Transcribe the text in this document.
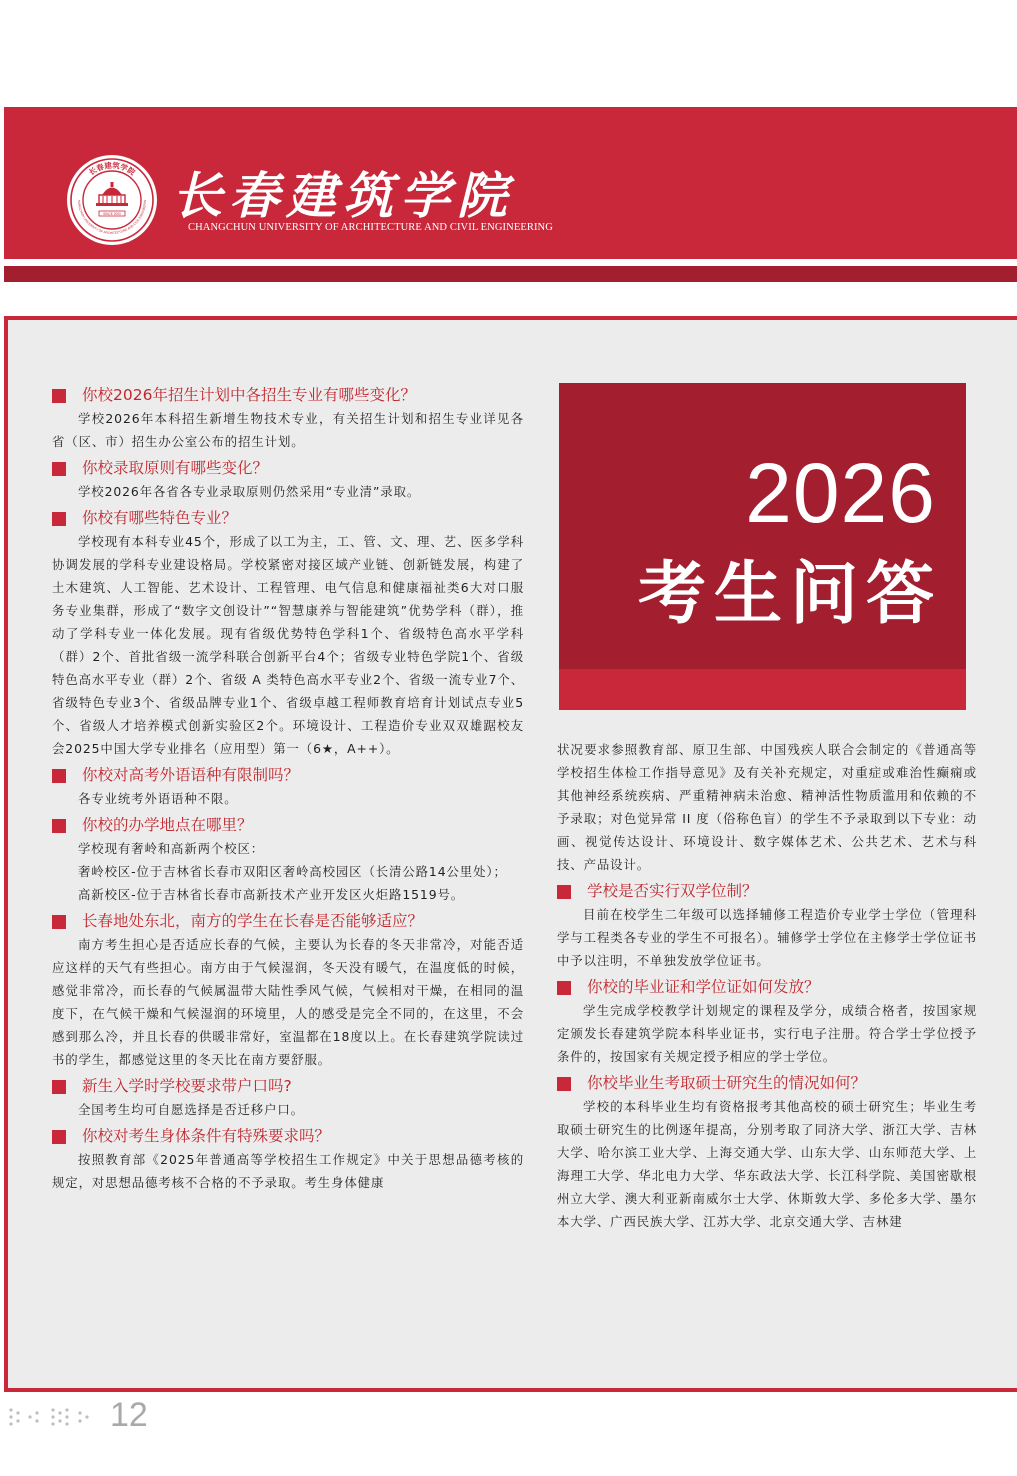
长春建筑学院
HANGCHUN UNIVERSITY OF ARCHITECTURE AND CIVIL ENGINEERIN
SINCE 2000 长春建筑学院
CHANGCHUN UNIVERSITY OF ARCHITECTURE AND CIVIL ENGINEERING
2026
考生问答
你校2026年招生计划中各招生专业有哪些变化？
学校2026年本科招生新增生物技术专业，有关招生计划和招生专业详见各省（区、市）招生办公室公布的招生计划。
你校录取原则有哪些变化？
学校2026年各省各专业录取原则仍然采用“专业清”录取。
你校有哪些特色专业？
学校现有本科专业45个，形成了以工为主，工、管、文、理、艺、医多学科协调发展的学科专业建设格局。学校紧密对接区域产业链、创新链发展，构建了土木建筑、人工智能、艺术设计、工程管理、电气信息和健康福祉类6大对口服务专业集群，形成了“数字文创设计”“智慧康养与智能建筑”优势学科（群），推动了学科专业一体化发展。现有省级优势特色学科1个、省级特色高水平学科（群）2个、首批省级一流学科联合创新平台4个；省级专业特色学院1个、省级特色高水平专业（群）2个、省级 A 类特色高水平专业2个、省级一流专业7个、省级特色专业3个、省级品牌专业1个、省级卓越工程师教育培育计划试点专业5个、省级人才培养模式创新实验区2个。环境设计、工程造价专业双双雄踞校友会2025中国大学专业排名（应用型）第一（6★，A++）。
你校对高考外语语种有限制吗？
各专业统考外语语种不限。
你校的办学地点在哪里？
学校现有奢岭和高新两个校区：
奢岭校区-位于吉林省长春市双阳区奢岭高校园区（长清公路14公里处）；
高新校区-位于吉林省长春市高新技术产业开发区火炬路1519号。
长春地处东北，南方的学生在长春是否能够适应？
南方考生担心是否适应长春的气候，主要认为长春的冬天非常冷，对能否适应这样的天气有些担心。南方由于气候湿润，冬天没有暖气，在温度低的时候，感觉非常冷，而长春的气候属温带大陆性季风气候，气候相对干燥，在相同的温度下，在气候干燥和气候湿润的环境里，人的感受是完全不同的，在这里，不会感到那么冷，并且长春的供暖非常好，室温都在18度以上。在长春建筑学院读过书的学生，都感觉这里的冬天比在南方要舒服。
新生入学时学校要求带户口吗?
全国考生均可自愿选择是否迁移户口。
你校对考生身体条件有特殊要求吗？
按照教育部《2025年普通高等学校招生工作规定》中关于思想品德考核的规定，对思想品德考核不合格的不予录取。考生身体健康
状况要求参照教育部、原卫生部、中国残疾人联合会制定的《普通高等学校招生体检工作指导意见》及有关补充规定，对重症或难治性癫痫或其他神经系统疾病、严重精神病未治愈、精神活性物质滥用和依赖的不予录取；对色觉异常 II 度（俗称色盲）的学生不予录取到以下专业：动画、视觉传达设计、环境设计、数字媒体艺术、公共艺术、艺术与科技、产品设计。
学校是否实行双学位制？
目前在校学生二年级可以选择辅修工程造价专业学士学位（管理科学与工程类各专业的学生不可报名）。辅修学士学位在主修学士学位证书中予以注明，不单独发放学位证书。
你校的毕业证和学位证如何发放？
学生完成学校教学计划规定的课程及学分，成绩合格者，按国家规定颁发长春建筑学院本科毕业证书，实行电子注册。符合学士学位授予条件的，按国家有关规定授予相应的学士学位。
你校毕业生考取硕士研究生的情况如何？
学校的本科毕业生均有资格报考其他高校的硕士研究生；毕业生考取硕士研究生的比例逐年提高，分别考取了同济大学、浙江大学、吉林大学、哈尔滨工业大学、上海交通大学、山东大学、山东师范大学、上海理工大学、华北电力大学、华东政法大学、长江科学院、美国密歇根州立大学、澳大利亚新南威尔士大学、休斯敦大学、多伦多大学、墨尔本大学、广西民族大学、江苏大学、北京交通大学、吉林建
12
